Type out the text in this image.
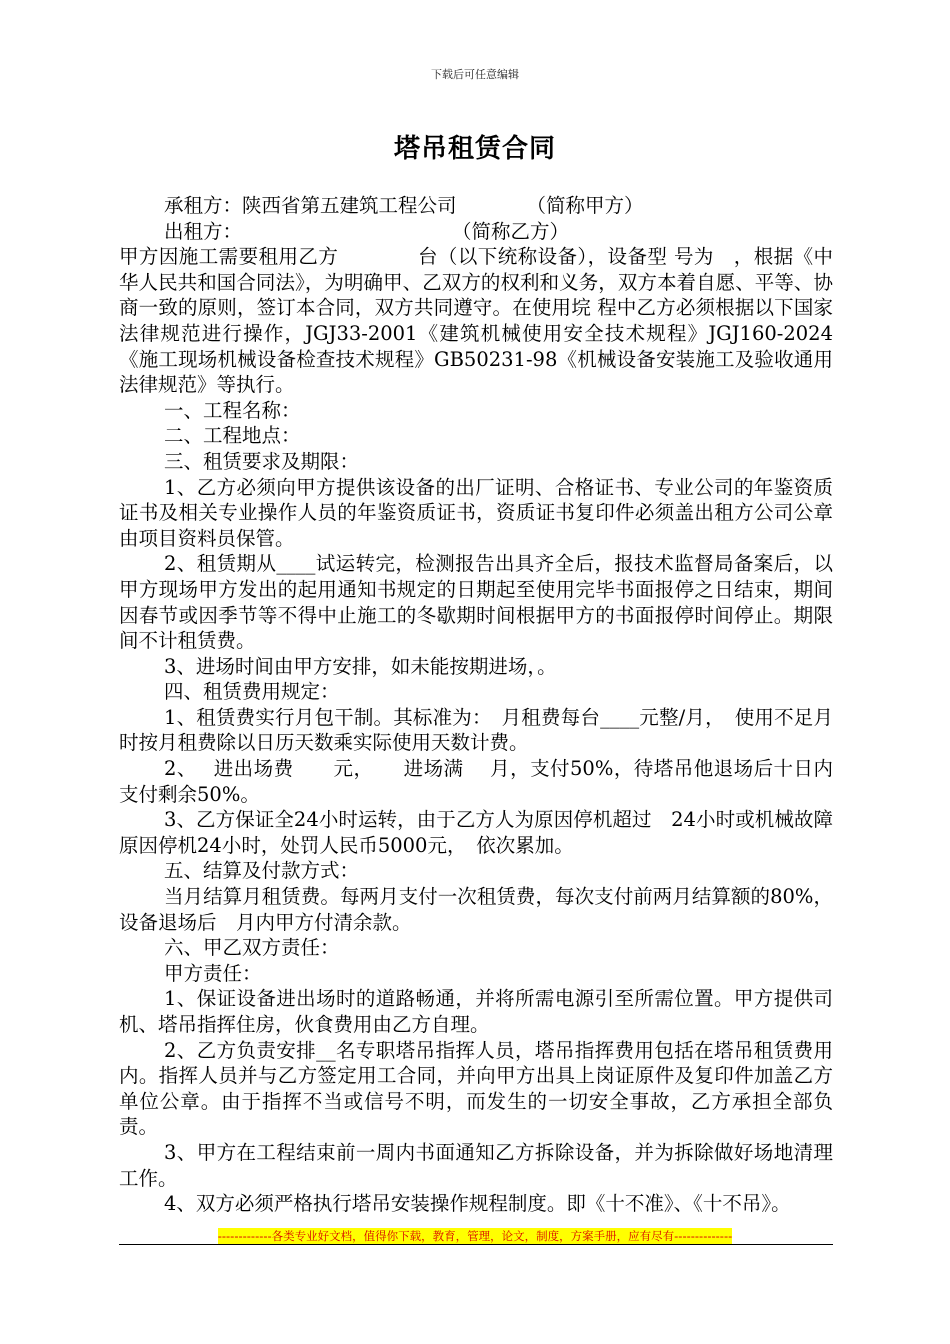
下载后可任意编辑
塔吊租赁合同
承租方：陕西省第五建筑工程公司	（简称甲方）
出租方：	（简称乙方）

甲方因施工需要租用乙方　　　　台（以下统称设备），设备型 号为　，根据《中华人民共和国合同法》，为明确甲、乙双方的权利和义务，双方本着自愿、平等、协商一致的原则，签订本合同，双方共同遵守。在使用垸 程中乙方必须根据以下国家法律规范进行操作，JGJ33-2001《建筑机械使用安全技术规程》JGJ160-2024《施工现场机械设备检查技术规程》GB50231-98《机械设备安装施工及验收通用法律规范》等执行。

一、工程名称：

二、工程地点：

三、租赁要求及期限：

1、乙方必须向甲方提供该设备的出厂证明、合格证书、专业公司的年鉴资质证书及相关专业操作人员的年鉴资质证书，资质证书复印件必须盖出租方公司公章由项目资料员保管。

2、租赁期从____试运转完，检测报告出具齐全后，报技术监督局备案后，以甲方现场甲方发出的起用通知书规定的日期起至使用完毕书面报停之日结束，期间因春节或因季节等不得中止施工的冬歇期时间根据甲方的书面报停时间停止。期限间不计租赁费。

3、进场时间由甲方安排，如未能按期进场，。

四、租赁费用规定：

1、租赁费实行月包干制。其标准为：　月租费每台____元整/月，　使用不足月时按月租费除以日历天数乘实际使用天数计费。

2、　 进出场费　　元，　　进场满　 月，支付50%，待塔吊他退场后十日内支付剩余50%。

3、乙方保证全24小时运转，由于乙方人为原因停机超过　24小时或机械故障原因停机24小时，处罚人民币5000元，　依次累加。

五、结算及付款方式：

当月结算月租赁费。每两月支付一次租赁费，每次支付前两月结算额的80%，设备退场后　月内甲方付清余款。

六、甲乙双方责任：

甲方责任：

1、保证设备进出场时的道路畅通，并将所需电源引至所需位置。甲方提供司机、塔吊指挥住房，伙食费用由乙方自理。

2、乙方负责安排__名专职塔吊指挥人员，塔吊指挥费用包括在塔吊租赁费用内。指挥人员并与乙方签定用工合同，并向甲方出具上岗证原件及复印件加盖乙方单位公章。由于指挥不当或信号不明，而发生的一切安全事故，乙方承担全部负责。

3、甲方在工程结束前一周内书面通知乙方拆除设备，并为拆除做好场地清理工作。

4、双方必须严格执行塔吊安装操作规程制度。即《十不准》、《十不吊》。

-------------各类专业好文档，值得你下载，教育，管理，论文，制度，方案手册，应有尽有--------------
